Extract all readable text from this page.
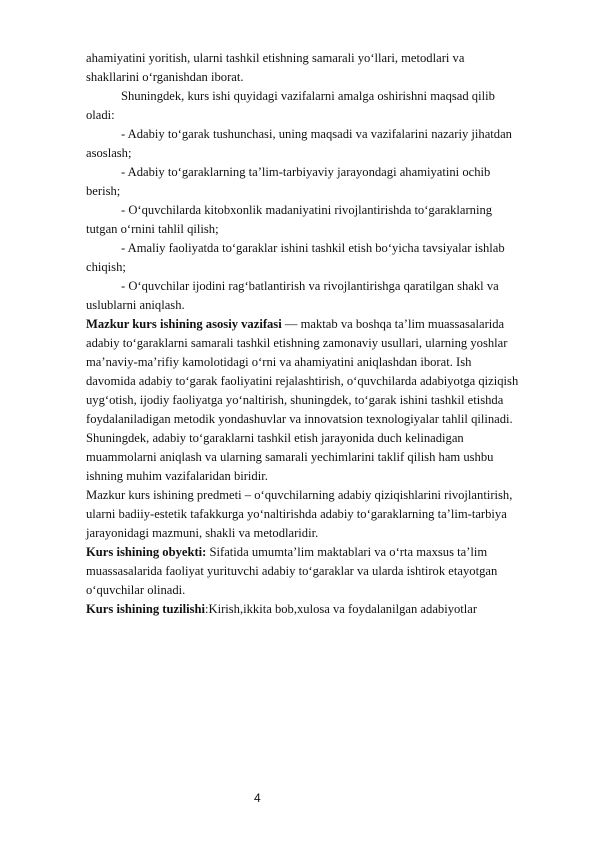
ahamiyatini yoritish, ularni tashkil etishning samarali yo‘llari, metodlari va
shakllarini o‘rganishdan iborat.
Shuningdek, kurs ishi quyidagi vazifalarni amalga oshirishni maqsad qilib
oladi:
- Adabiy to‘garak tushunchasi, uning maqsadi va vazifalarini nazariy jihatdan
asoslash;
- Adabiy to‘garaklarning ta’lim-tarbiyaviy jarayondagi ahamiyatini ochib
berish;
- O‘quvchilarda kitobxonlik madaniyatini rivojlantirishda to‘garaklarning
tutgan o‘rnini tahlil qilish;
- Amaliy faoliyatda to‘garaklar ishini tashkil etish bo‘yicha tavsiyalar ishlab
chiqish;
- O‘quvchilar ijodini rag‘batlantirish va rivojlantirishga qaratilgan shakl va
uslublarni aniqlash.
Mazkur kurs ishining asosiy vazifasi — maktab va boshqa ta’lim muassasalarida
adabiy toʻgaraklarni samarali tashkil etishning zamonaviy usullari, ularning yoshlar
maʼnaviy-maʼrifiy kamolotidagi oʻrni va ahamiyatini aniqlashdan iborat. Ish
davomida adabiy toʻgarak faoliyatini rejalashtirish, oʻquvchilarda adabiyotga qiziqish
uygʻotish, ijodiy faoliyatga yoʻnaltirish, shuningdek, toʻgarak ishini tashkil etishda
foydalaniladigan metodik yondashuvlar va innovatsion texnologiyalar tahlil qilinadi.
Shuningdek, adabiy toʻgaraklarni tashkil etish jarayonida duch kelinadigan
muammolarni aniqlash va ularning samarali yechimlarini taklif qilish ham ushbu
ishning muhim vazifalaridan biridir.
Mazkur kurs ishining predmeti – o‘quvchilarning adabiy qiziqishlarini rivojlantirish,
ularni badiiy-estetik tafakkurga yo‘naltirishda adabiy to‘garaklarning ta’lim-tarbiya
jarayonidagi mazmuni, shakli va metodlaridir.
Kurs ishining obyekti: Sifatida umumta’lim maktablari va o‘rta maxsus ta’lim
muassasalarida faoliyat yurituvchi adabiy to‘garaklar va ularda ishtirok etayotgan
o‘quvchilar olinadi.
Kurs ishining tuzilishi:Kirish,ikkita bob,xulosa va foydalanilgan adabiyotlar
4
